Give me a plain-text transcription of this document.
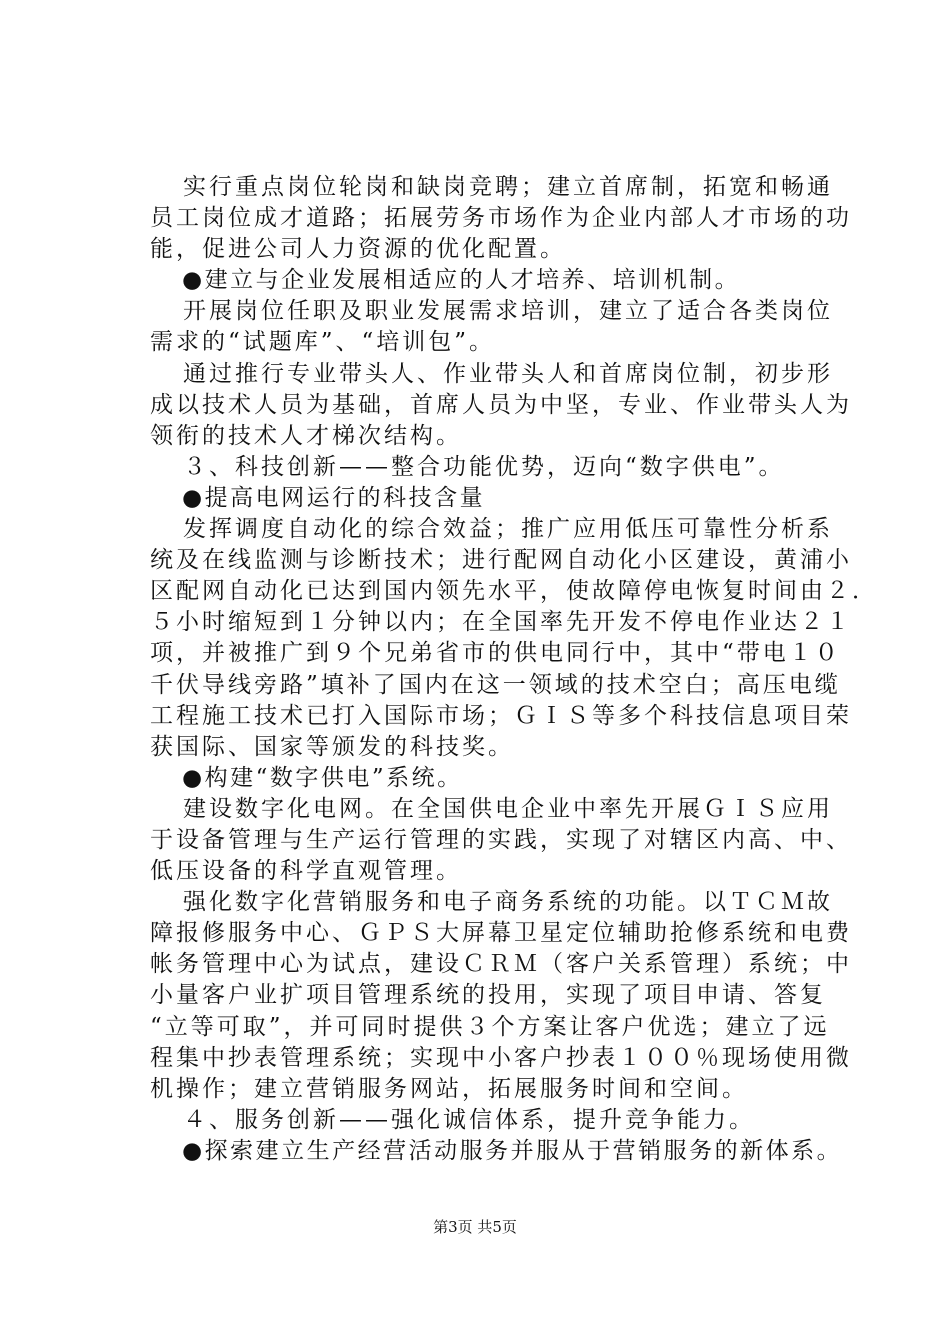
实行重点岗位轮岗和缺岗竞聘；建立首席制，拓宽和畅通
员工岗位成才道路；拓展劳务市场作为企业内部人才市场的功
能，促进公司人力资源的优化配置。
●建立与企业发展相适应的人才培养、培训机制。
开展岗位任职及职业发展需求培训，建立了适合各类岗位
需求的“试题库”、“培训包”。
通过推行专业带头人、作业带头人和首席岗位制，初步形
成以技术人员为基础，首席人员为中坚，专业、作业带头人为
领衔的技术人才梯次结构。
３、科技创新——整合功能优势，迈向“数字供电”。
●提高电网运行的科技含量
发挥调度自动化的综合效益；推广应用低压可靠性分析系
统及在线监测与诊断技术；进行配网自动化小区建设，黄浦小
区配网自动化已达到国内领先水平，使故障停电恢复时间由２．
５小时缩短到１分钟以内；在全国率先开发不停电作业达２１
项，并被推广到９个兄弟省市的供电同行中，其中“带电１０
千伏导线旁路”填补了国内在这一领域的技术空白；高压电缆
工程施工技术已打入国际市场；ＧＩＳ等多个科技信息项目荣
获国际、国家等颁发的科技奖。
●构建“数字供电”系统。
建设数字化电网。在全国供电企业中率先开展ＧＩＳ应用
于设备管理与生产运行管理的实践，实现了对辖区内高、中、
低压设备的科学直观管理。
强化数字化营销服务和电子商务系统的功能。以ＴＣＭ故
障报修服务中心、ＧＰＳ大屏幕卫星定位辅助抢修系统和电费
帐务管理中心为试点，建设ＣＲＭ（客户关系管理）系统；中
小量客户业扩项目管理系统的投用，实现了项目申请、答复
“立等可取”，并可同时提供３个方案让客户优选；建立了远
程集中抄表管理系统；实现中小客户抄表１００％现场使用微
机操作；建立营销服务网站，拓展服务时间和空间。
４、服务创新——强化诚信体系，提升竞争能力。
●探索建立生产经营活动服务并服从于营销服务的新体系。
第3页 共5页
